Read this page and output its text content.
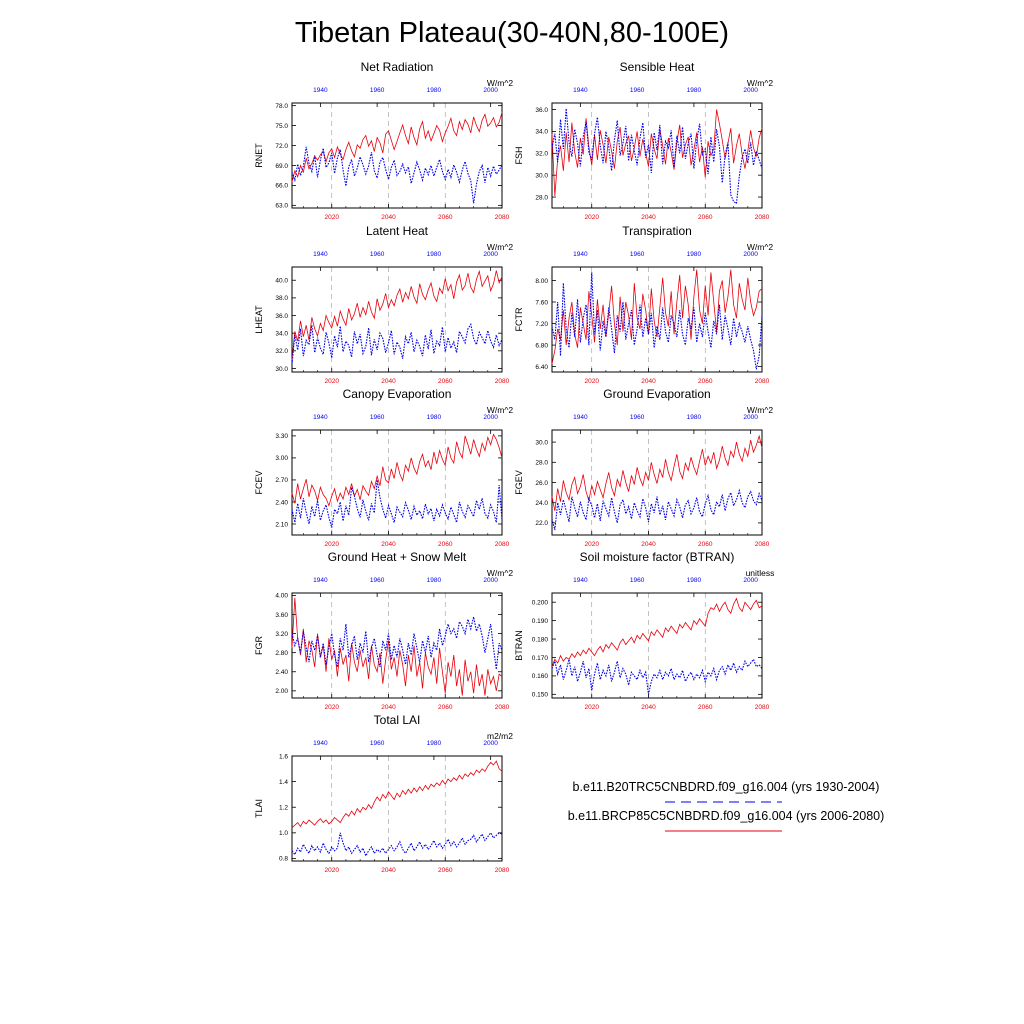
Tibetan Plateau(30-40N,80-100E)
Net Radiation
W/m^2
RNET
78.0
75.0
72.0
69.0
66.0
63.0
2020	2040	2060	2080
1940	1960	1980	2000
Sensible Heat
W/m^2
FSH
36.0
34.0
32.0
30.0
28.0
2020	2040	2060	2080
1940	1960	1980	2000
Latent Heat
W/m^2
LHEAT
40.0
38.0
36.0
34.0
32.0
30.0
2020	2040	2060	2080
1940	1960	1980	2000
Transpiration
W/m^2
FCTR
8.00
7.60
7.20
6.80
6.40
2020	2040	2060	2080
1940	1960	1980	2000
Canopy Evaporation
W/m^2
FCEV
3.30
3.00
2.70
2.40
2.10
2020	2040	2060	2080
1940	1960	1980	2000
Ground Evaporation
W/m^2
FGEV
30.0
28.0
26.0
24.0
22.0
2020	2040	2060	2080
1940	1960	1980	2000
Ground Heat + Snow Melt
W/m^2
FGR
4.00
3.60
3.20
2.80
2.40
2.00
2020	2040	2060	2080
1940	1960	1980	2000
Soil moisture factor (BTRAN)
unitless
BTRAN
0.200
0.190
0.180
0.170
0.160
0.150
2020	2040	2060	2080
1940	1960	1980	2000
Total LAI
m2/m2
TLAI
1.6
1.4
1.2
1.0
0.8
2020	2040	2060	2080
1940	1960	1980	2000
b.e11.B20TRC5CNBDRD.f09_g16.004 (yrs 1930-2004)
b.e11.BRCP85C5CNBDRD.f09_g16.004 (yrs 2006-2080)
